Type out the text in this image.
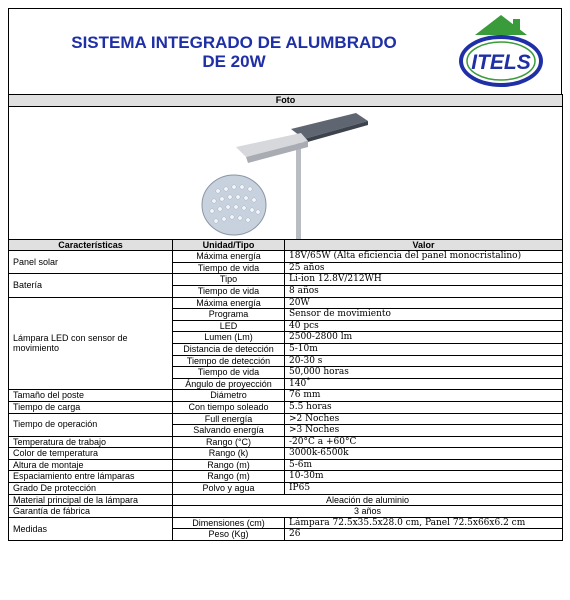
SISTEMA INTEGRADO DE ALUMBRADO
DE 20W	ITELS
Foto		

Características	Unidad/Tipo	Valor
Panel solar	Máxima energía	18V/65W (Alta eficiencia del panel monocristalino)
	Tiempo de vida	25 años
Batería	Tipo	Li-ion 12.8V/212WH
	Tiempo de vida	8 años
Lámpara LED con sensor de movimiento	Máxima energía	20W
	Programa	Sensor de movimiento
	LED	40 pcs
	Lumen (Lm)	2500-2800 lm
	Distancia de detección	5-10m
	Tiempo de detección	20-30 s
	Tiempo de vida	50,000 horas
	Ángulo de proyección	140˚
Tamaño del poste	Diámetro	76 mm
Tiempo de carga	Con tiempo soleado	5.5 horas
Tiempo de operación	Full energía	>2 Noches
	Salvando energía	>3 Noches
Temperatura de trabajo	Rango (°C)	-20°C a +60°C
Color de temperatura	Rango (k)	3000k-6500k
Altura de montaje	Rango (m)	5-6m
Espaciamiento entre lámparas	Rango (m)	10-30m
Grado De protección	Polvo y agua	IP65
Material principal de la lámpara	Aleación de aluminio	
Garantía de fábrica	3 años	
Medidas	Dimensiones (cm)	Lámpara 72.5x35.5x28.0 cm, Panel 72.5x66x6.2 cm
	Peso (Kg)	26
